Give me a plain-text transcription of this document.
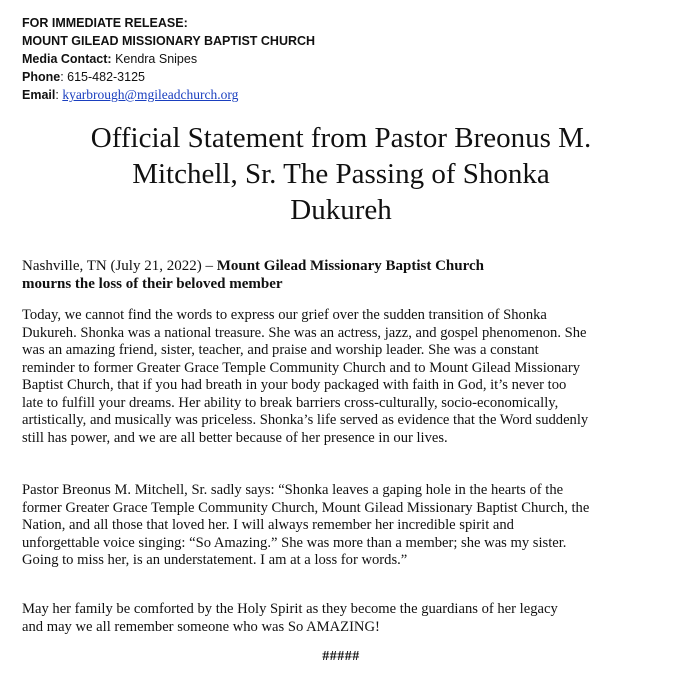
FOR IMMEDIATE RELEASE:
MOUNT GILEAD MISSIONARY BAPTIST CHURCH
Media Contact: Kendra Snipes
Phone: 615-482-3125
Email: kyarbrough@mgileadchurch.org
Official Statement from Pastor Breonus M.
Mitchell, Sr. The Passing of Shonka
Dukureh
Nashville, TN (July 21, 2022) – Mount Gilead Missionary Baptist Church
mourns the loss of their beloved member
Today, we cannot find the words to express our grief over the sudden transition of Shonka
Dukureh. Shonka was a national treasure. She was an actress, jazz, and gospel phenomenon. She
was an amazing friend, sister, teacher, and praise and worship leader. She was a constant
reminder to former Greater Grace Temple Community Church and to Mount Gilead Missionary
Baptist Church, that if you had breath in your body packaged with faith in God, it’s never too
late to fulfill your dreams. Her ability to break barriers cross-culturally, socio-economically,
artistically, and musically was priceless. Shonka’s life served as evidence that the Word suddenly
still has power, and we are all better because of her presence in our lives.
Pastor Breonus M. Mitchell, Sr. sadly says: “Shonka leaves a gaping hole in the hearts of the
former Greater Grace Temple Community Church, Mount Gilead Missionary Baptist Church, the
Nation, and all those that loved her. I will always remember her incredible spirit and
unforgettable voice singing: “So Amazing.” She was more than a member; she was my sister.
Going to miss her, is an understatement. I am at a loss for words.”
May her family be comforted by the Holy Spirit as they become the guardians of her legacy
and may we all remember someone who was So AMAZING!
#####
